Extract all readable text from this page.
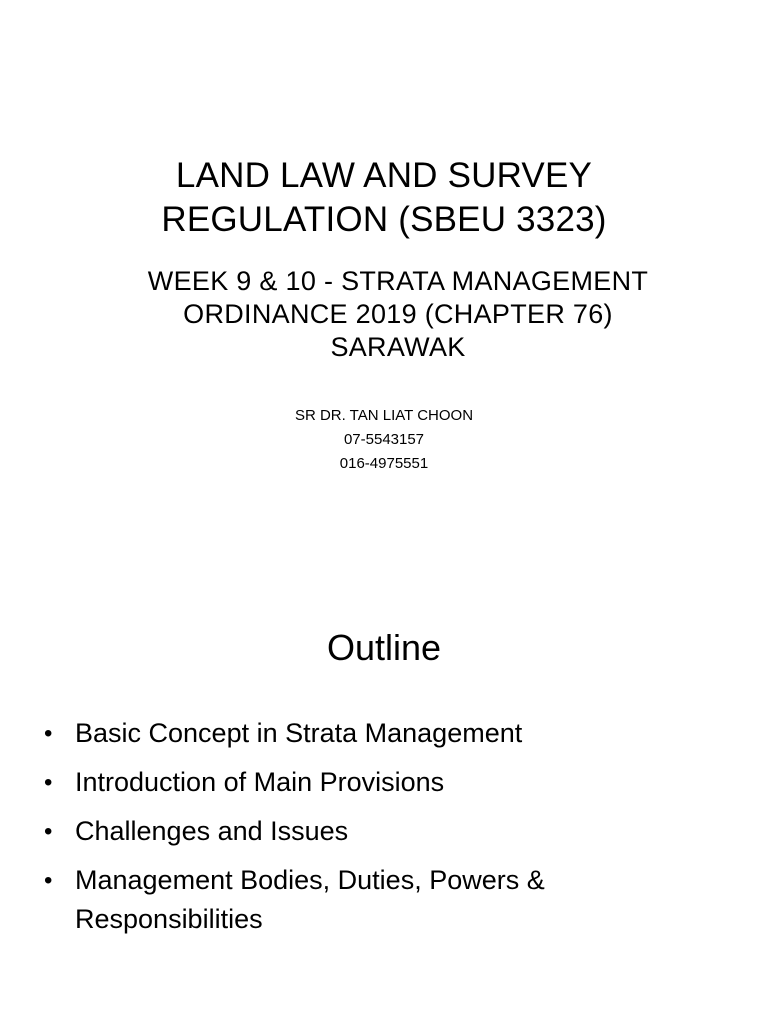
LAND LAW AND SURVEY
REGULATION (SBEU 3323)
WEEK 9 & 10 - STRATA MANAGEMENT
ORDINANCE 2019 (CHAPTER 76)
SARAWAK
SR DR. TAN LIAT CHOON
07-5543157
016-4975551
Outline
• Basic Concept in Strata Management
• Introduction of Main Provisions
• Challenges and Issues
• Management Bodies, Duties, Powers &
Responsibilities
